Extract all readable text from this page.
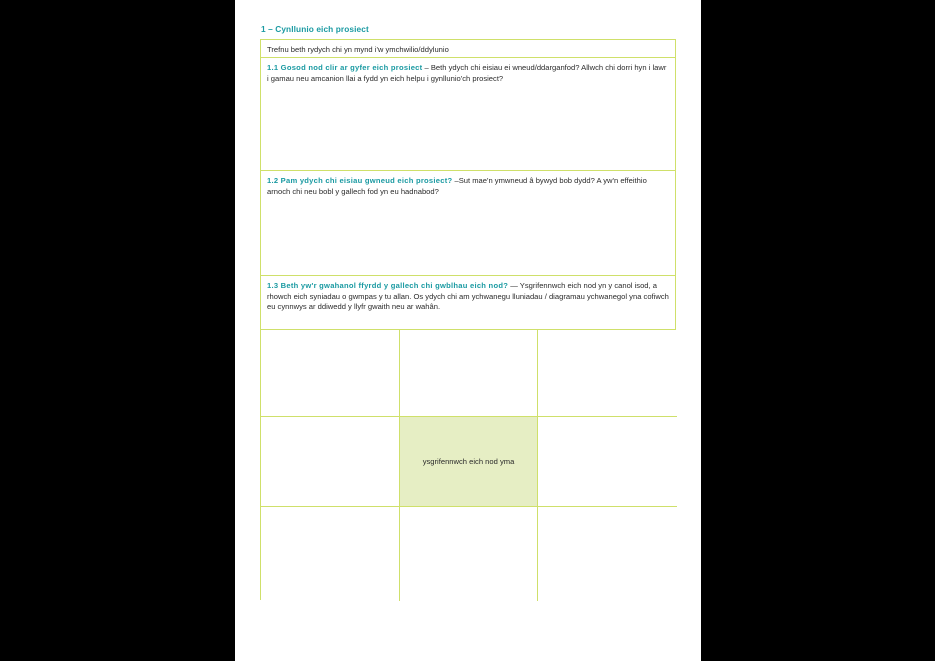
1 – Cynllunio eich prosiect
Trefnu beth rydych chi yn mynd i'w ymchwilio/ddylunio

1.1 Gosod nod clir ar gyfer eich prosiect – Beth ydych chi eisiau ei wneud/ddarganfod? Allwch chi dorri hyn i lawr i gamau neu amcanion llai a fydd yn eich helpu i gynllunio'ch prosiect?

1.2 Pam ydych chi eisiau gwneud eich prosiect? –Sut mae'n ymwneud â bywyd bob dydd? A yw'n effeithio arnoch chi neu bobl y gallech fod yn eu hadnabod?

1.3 Beth yw'r gwahanol ffyrdd y gallech chi gwblhau eich nod? — Ysgrifennwch eich nod yn y canol isod, a rhowch eich syniadau o gwmpas y tu allan. Os ydych chi am ychwanegu lluniadau / diagramau ychwanegol yna cofiwch eu cynnwys ar ddiwedd y llyfr gwaith neu ar wahân.

ysgrifennwch eich nod yma
